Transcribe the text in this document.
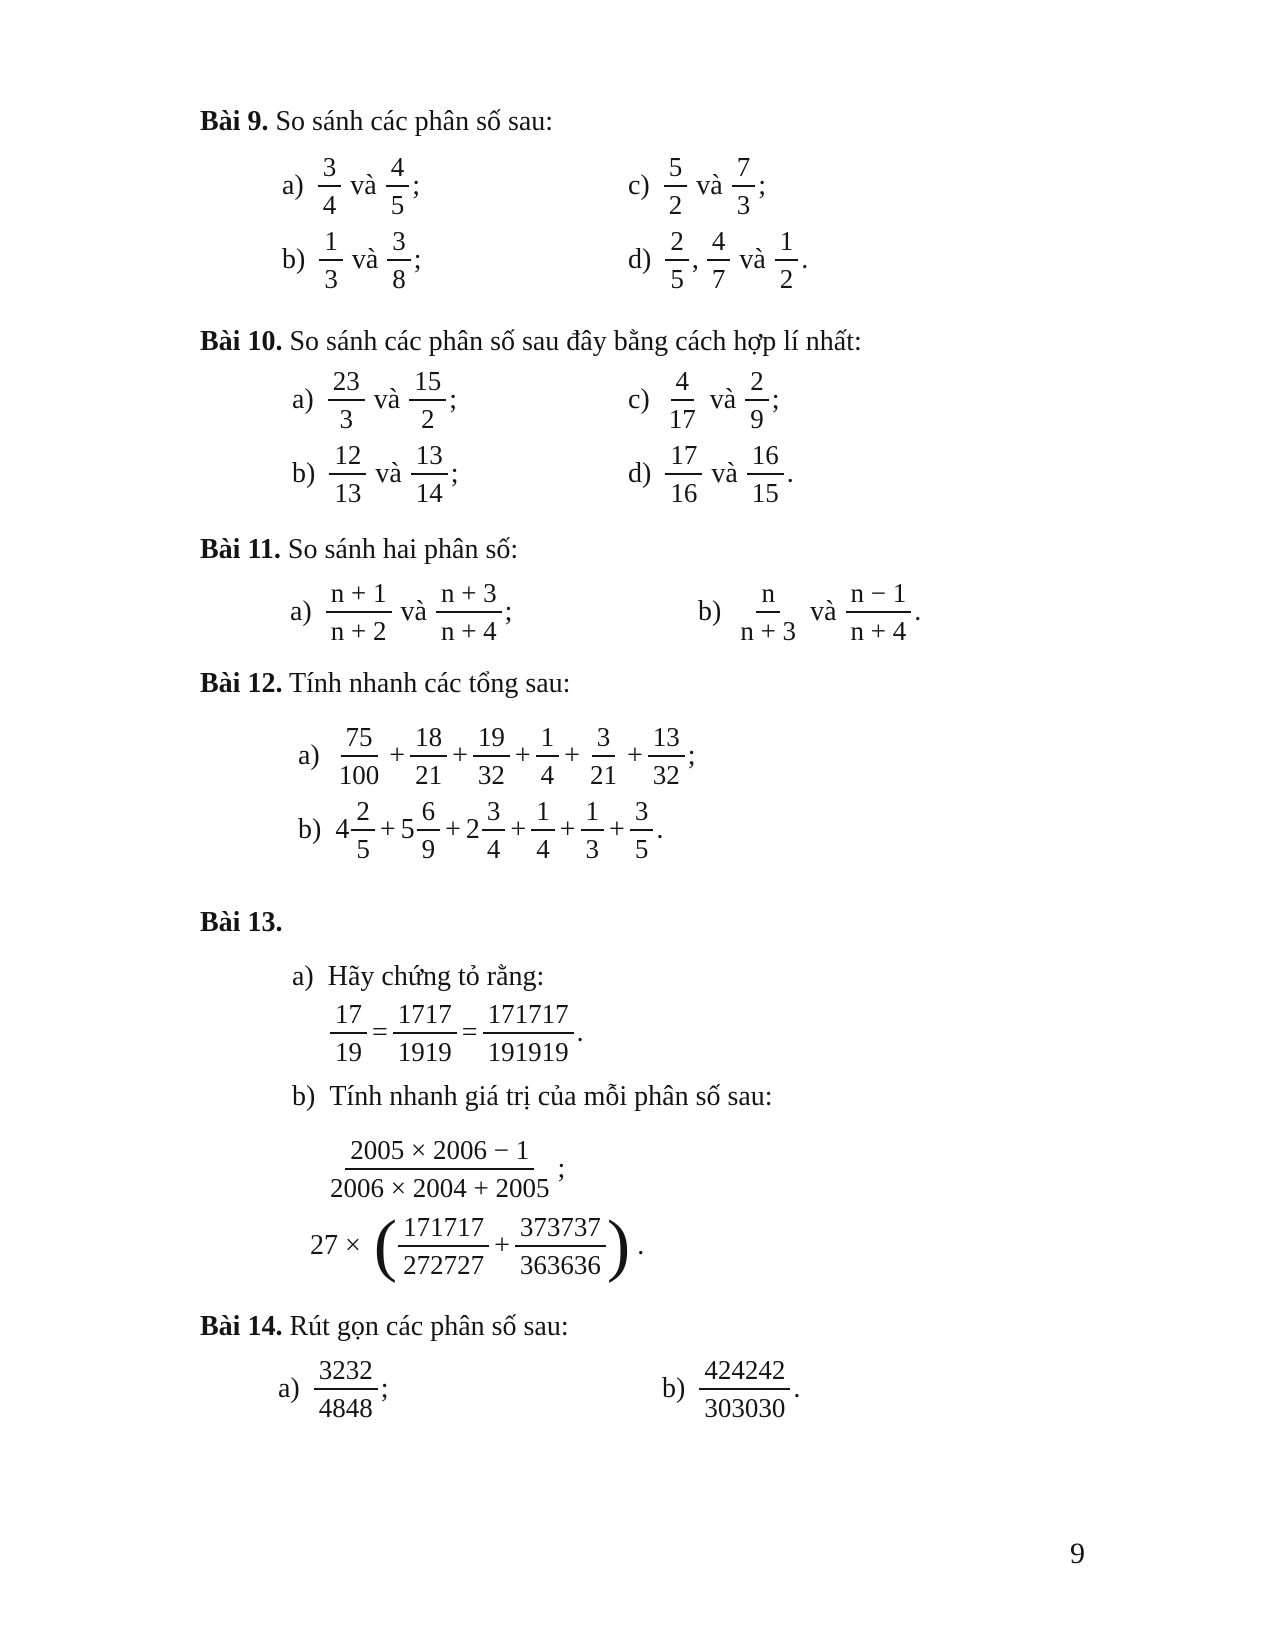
Bài 9. So sánh các phân số sau:
$a) \frac{3}{4}$ và $\frac{4}{5}$ ;	$c) \frac{5}{2}$ và $\frac{7}{3}$ ;
$b) \frac{1}{3}$ và $\frac{3}{8}$ ;	$d) \frac{2}{5}$ , $\frac{4}{7}$ và $\frac{1}{2}$ .
Bài 10. So sánh các phân số sau đây bằng cách hợp lí nhất:
$a) \frac{23}{3}$ và $\frac{15}{2}$ ;	$c) \frac{4}{17}$ và $\frac{2}{9}$ ;
$b) \frac{12}{13}$ và $\frac{13}{14}$ ;	$d) \frac{17}{16}$ và $\frac{16}{15}$ .
Bài 11. So sánh hai phân số:
$a) \frac{n + 1}{n + 2}$ và $\frac{n + 3}{n + 4}$ ;	$b) \frac{n}{n + 3}$ và $\frac{n - 1}{n + 4}$ .
Bài 12. Tính nhanh các tổng sau:
$a) \frac{75}{100} + \frac{18}{21} + \frac{19}{32} + \frac{1}{4} + \frac{3}{21} + \frac{13}{32}$ ;
b) $4 \frac{2}{5} + 5 \frac{6}{9} + 2 \frac{3}{4} + \frac{1}{4} + \frac{1}{3} + \frac{3}{5}$ .
Bài 13.
a) Hãy chứng tỏ rằng:
$\frac{17}{19} = \frac{1717}{1919} = \frac{171717}{191919}$ .
b) Tính nhanh giá trị của mỗi phân số sau:
$\frac{2005 \times 2006 - 1}{2006 \times 2004 + 2005}$ ;
27 × ( $\frac{171717}{272727} + \frac{373737}{363636}$ ) .
Bài 14. Rút gọn các phân số sau:
$a) \frac{3232}{4848}$ ;	$b) \frac{424242}{303030}$ .
9
